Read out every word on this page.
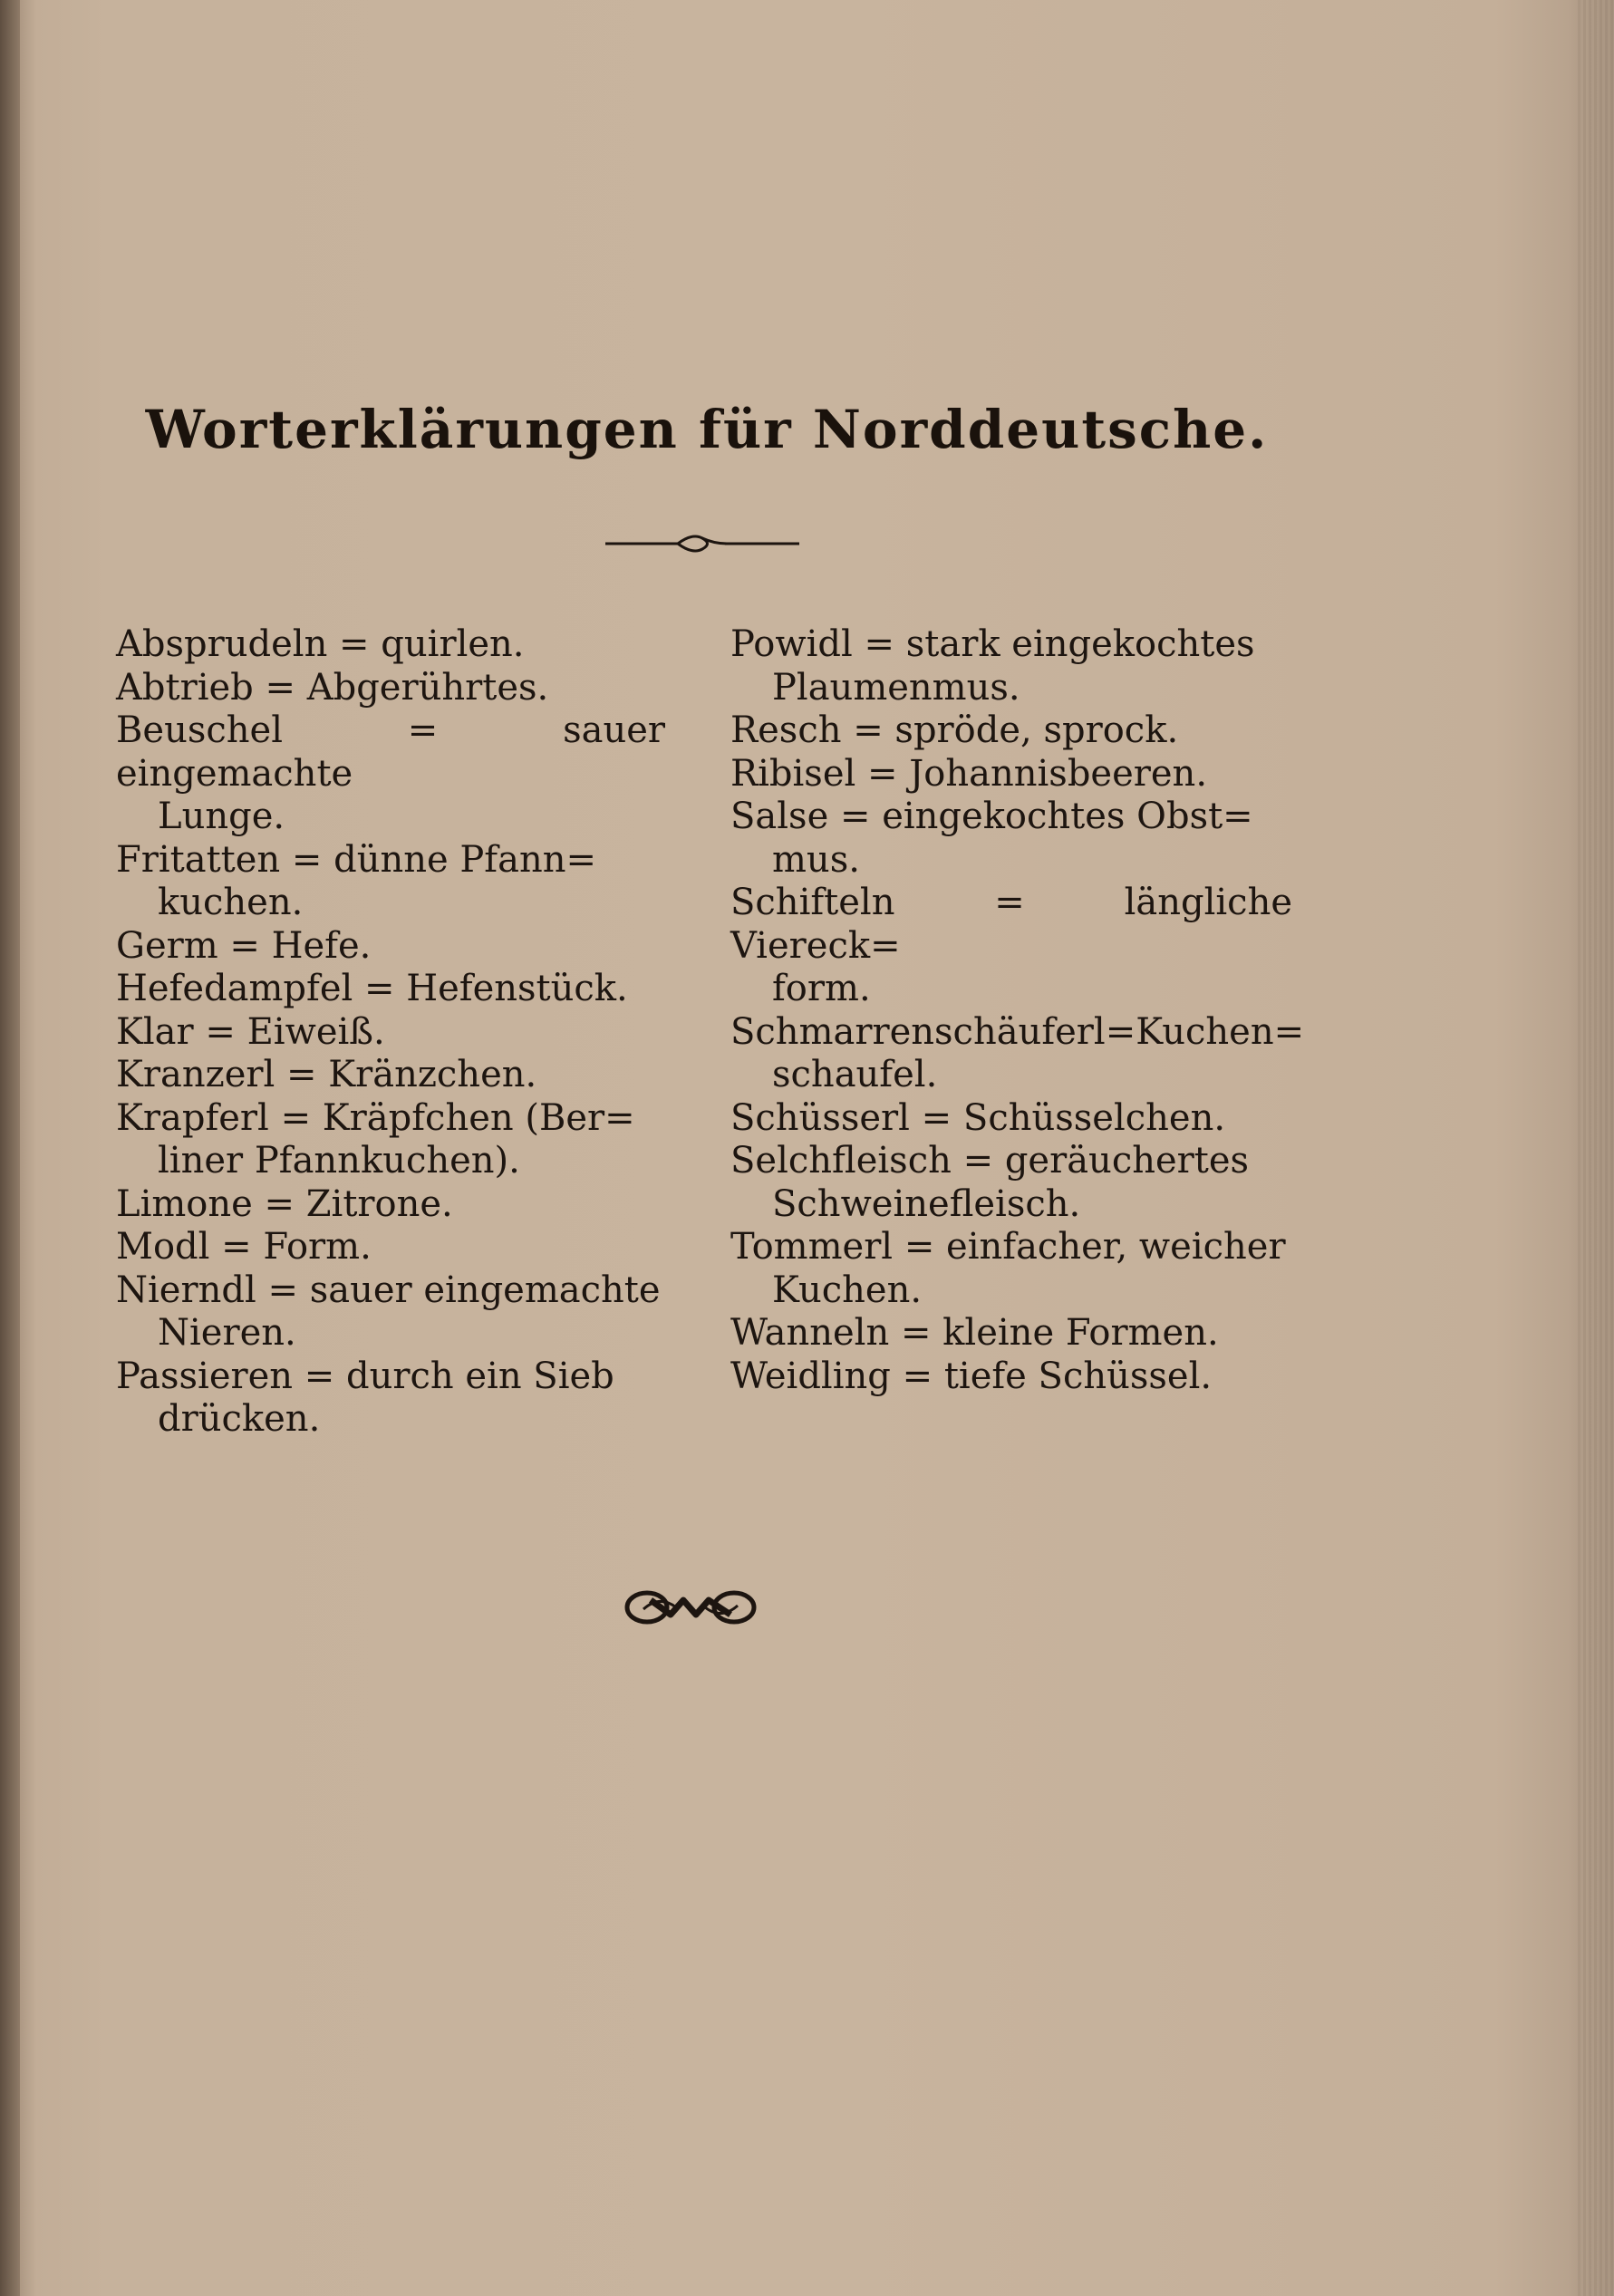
Worterklärungen für Norddeutsche.
Absprudeln = quirlen.
Abtrieb = Abgerührtes.
Beuschel = sauer eingemachte
Lunge.
Fritatten = dünne Pfann=
kuchen.
Germ = Hefe.
Hefedampfel = Hefenstück.
Klar = Eiweiß.
Kranzerl = Kränzchen.
Krapferl = Kräpfchen (Ber=
liner Pfannkuchen).
Limone = Zitrone.
Modl = Form.
Nierndl = sauer eingemachte
Nieren.
Passieren = durch ein Sieb
drücken.
Powidl = stark eingekochtes
Plaumenmus.
Resch = spröde, sprock.
Ribisel = Johannisbeeren.
Salse = eingekochtes Obst=
mus.
Schifteln = längliche Viereck=
form.
Schmarrenschäuferl=Kuchen=
schaufel.
Schüsserl = Schüsselchen.
Selchfleisch = geräuchertes
Schweinefleisch.
Tommerl = einfacher, weicher
Kuchen.
Wanneln = kleine Formen.
Weidling = tiefe Schüssel.
